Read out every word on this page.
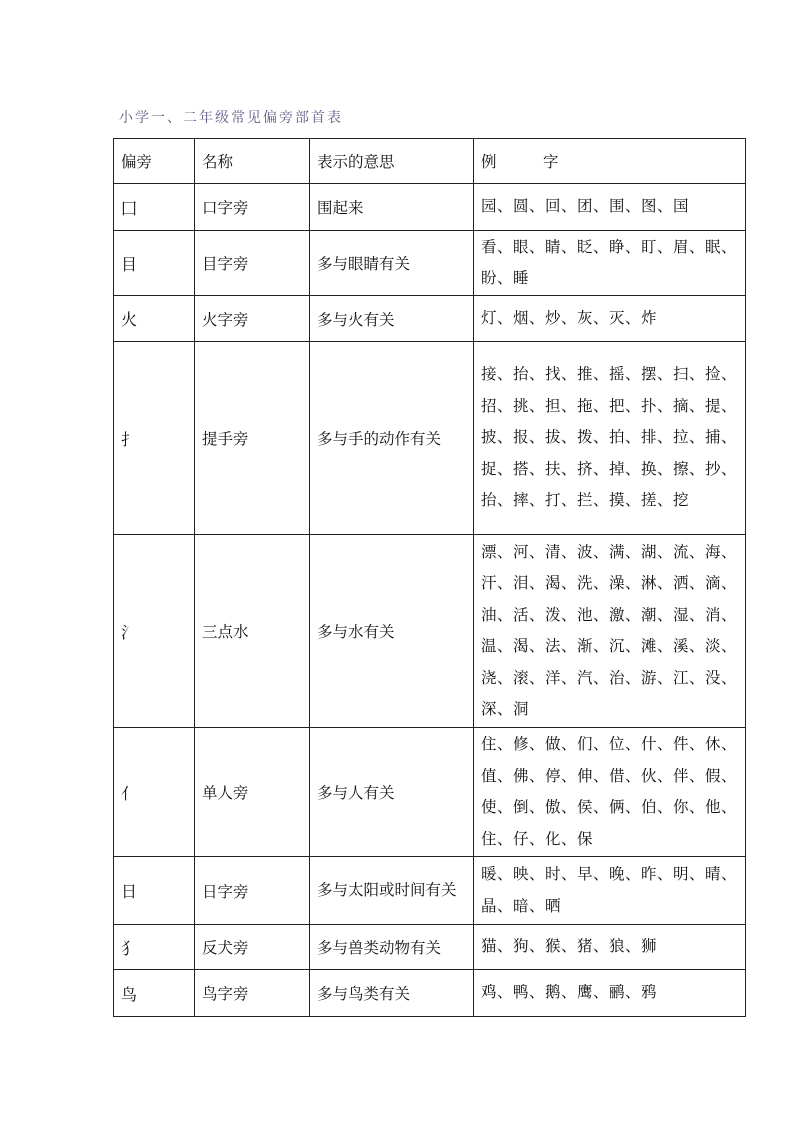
小学一、二年级常见偏旁部首表
偏旁	名称	表示的意思	例　　　字
囗	口字旁	围起来	园、圆、回、团、围、图、国
目	目字旁	多与眼睛有关	看、眼、睛、眨、睁、盯、眉、眠、盼、睡
火	火字旁	多与火有关	灯、烟、炒、灰、灭、炸
扌	提手旁	多与手的动作有关	接、抬、找、推、摇、摆、扫、捡、招、挑、担、拖、把、扑、摘、提、披、报、拔、拨、拍、排、拉、捕、捉、搭、扶、挤、掉、换、擦、抄、抬、摔、打、拦、摸、搓、挖
氵	三点水	多与水有关	漂、河、清、波、满、湖、流、海、汗、泪、渴、洗、澡、淋、洒、滴、油、活、泼、池、激、潮、湿、消、温、渴、法、渐、沉、滩、溪、淡、浇、滚、洋、汽、治、游、江、没、深、洞
亻	单人旁	多与人有关	住、修、做、们、位、什、件、休、值、佛、停、伸、借、伙、伴、假、使、倒、傲、侯、俩、伯、你、他、住、仔、化、保
日	日字旁	多与太阳或时间有关	暖、映、时、早、晚、昨、明、晴、晶、暗、晒
犭	反犬旁	多与兽类动物有关	猫、狗、猴、猪、狼、狮
鸟	鸟字旁	多与鸟类有关	鸡、鸭、鹅、鹰、鹂、鸦
